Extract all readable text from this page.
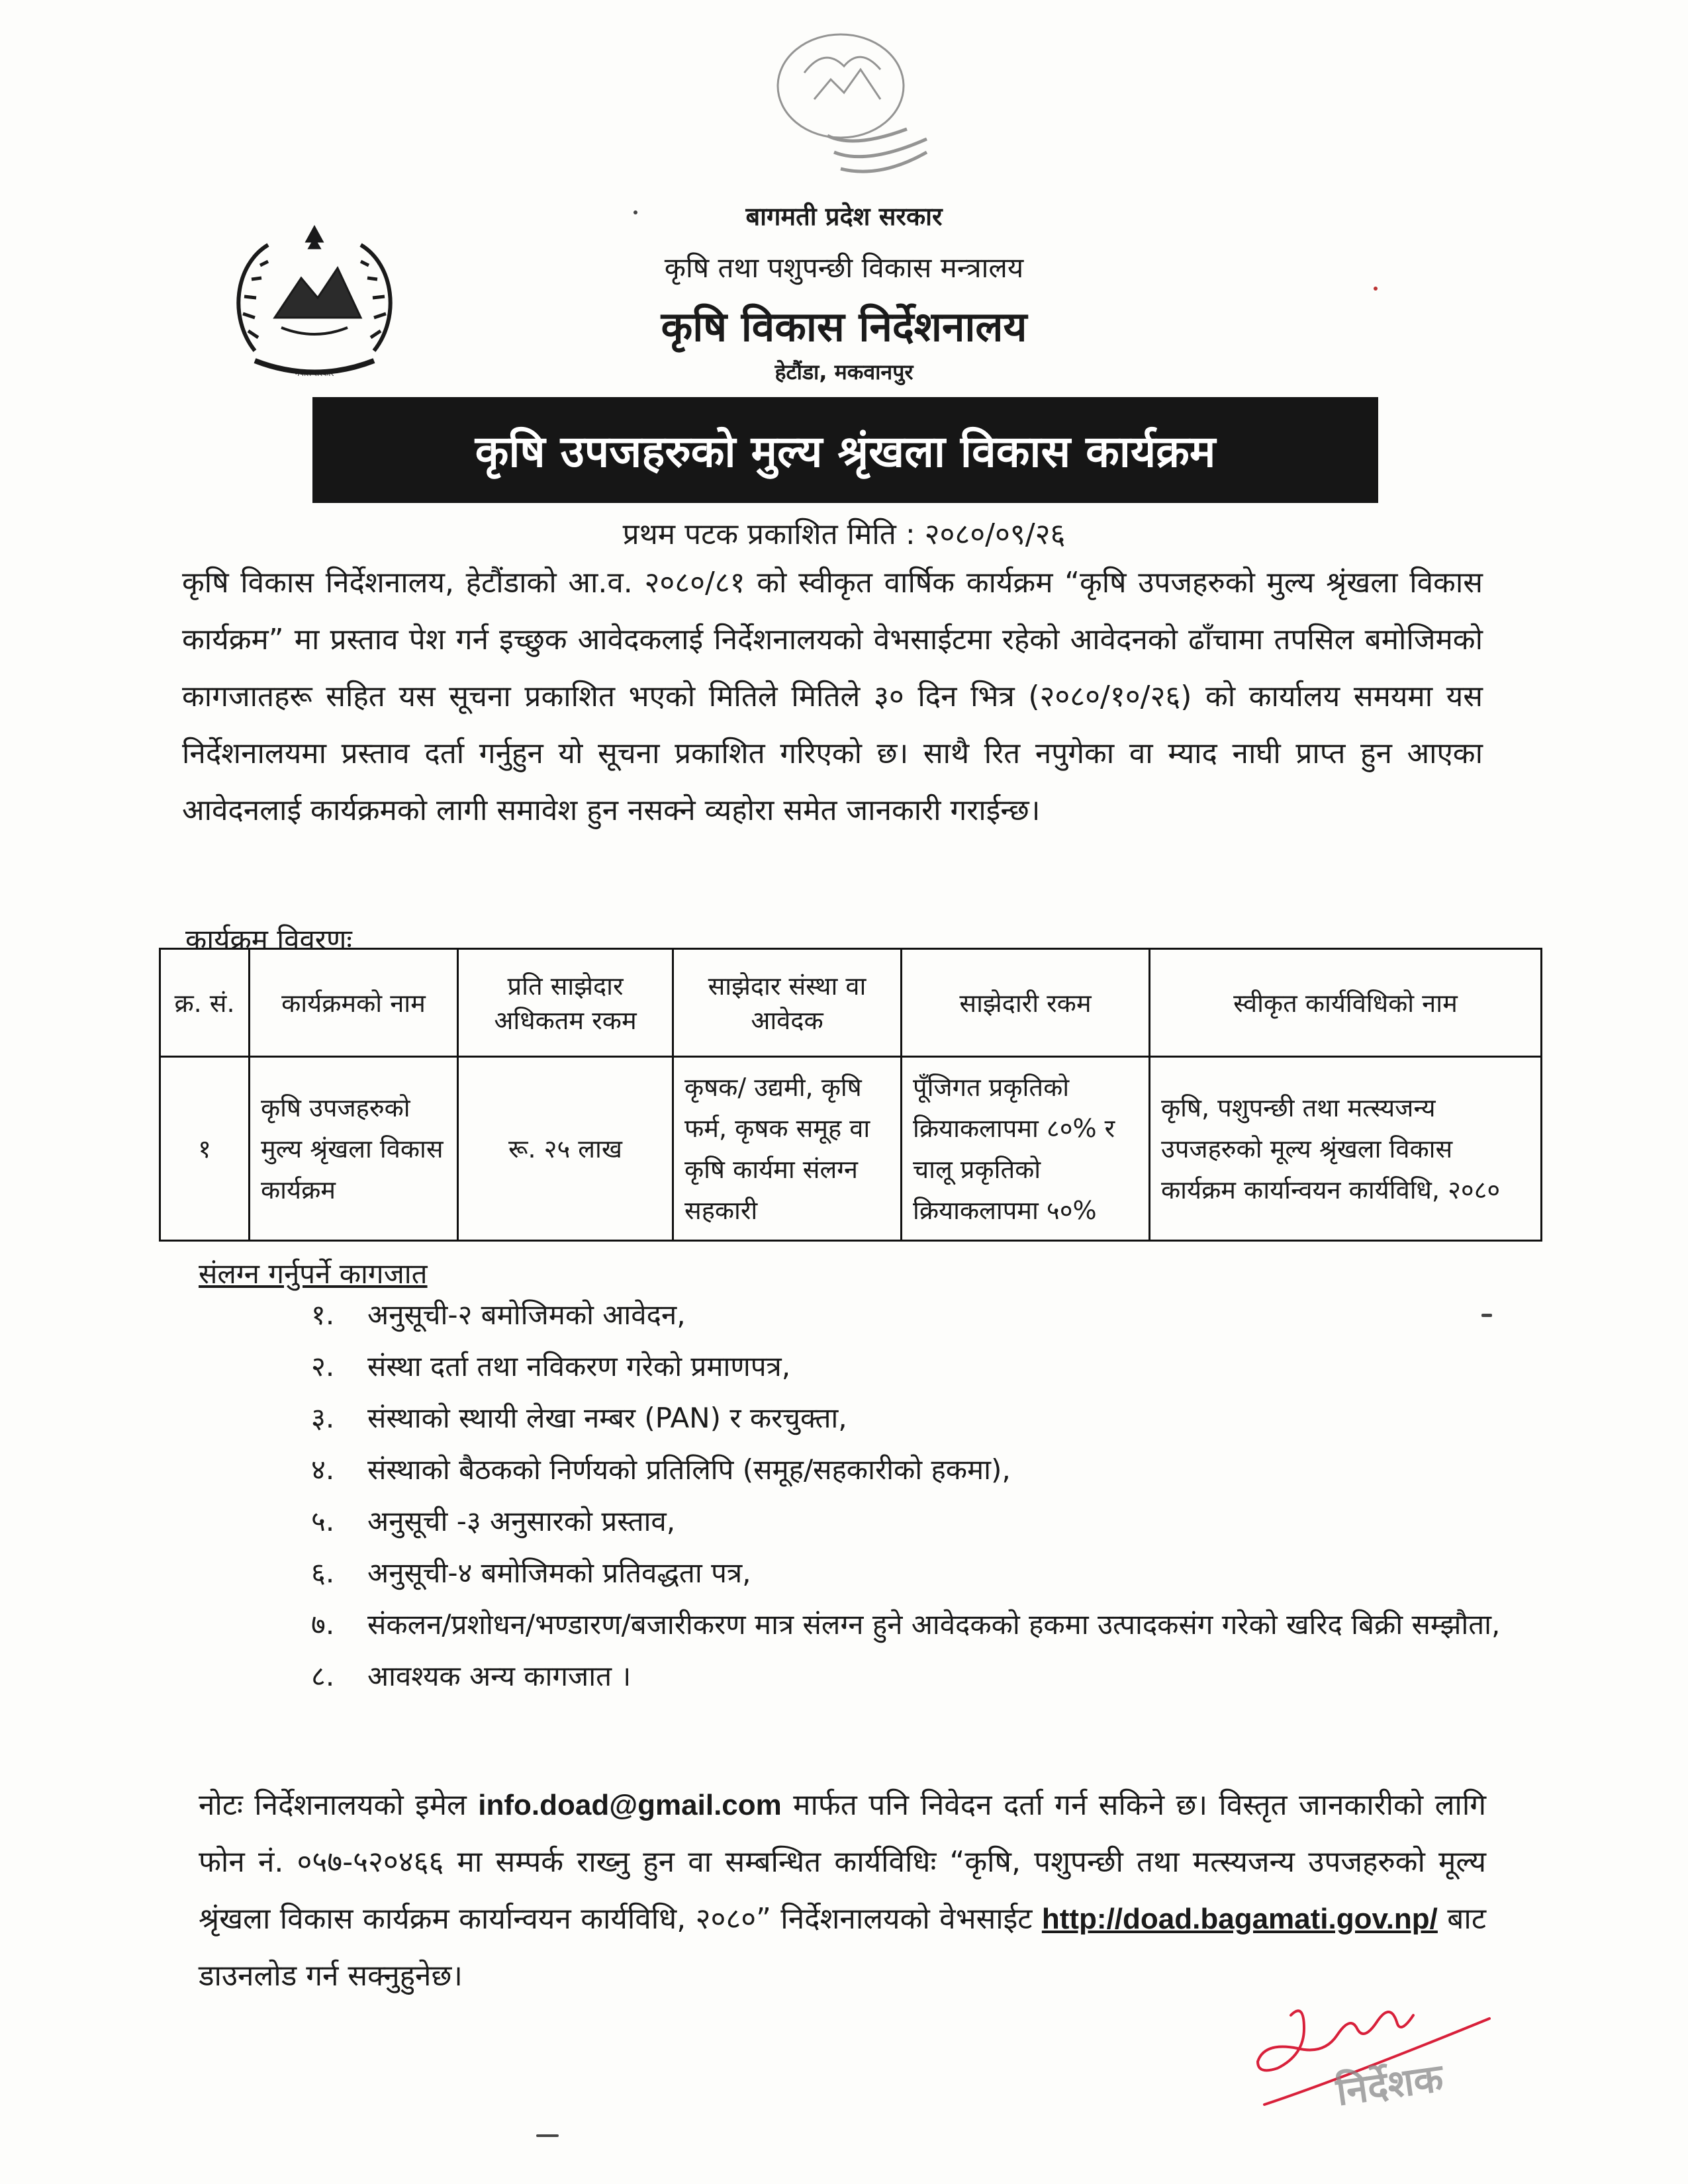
नेपाल सरकार
बागमती प्रदेश सरकार
कृषि तथा पशुपन्छी विकास मन्त्रालय
कृषि विकास निर्देशनालय
हेटौंडा, मकवानपुर
कृषि उपजहरुको मुल्य श्रृंखला विकास कार्यक्रम
प्रथम पटक प्रकाशित मिति : २०८०/०९/२६
कृषि विकास निर्देशनालय, हेटौंडाको आ.व. २०८०/८१ को स्वीकृत वार्षिक कार्यक्रम “कृषि उपजहरुको मुल्य श्रृंखला विकास कार्यक्रम” मा प्रस्ताव पेश गर्न इच्छुक आवेदकलाई निर्देशनालयको वेभसाईटमा रहेको आवेदनको ढाँचामा तपसिल बमोजिमको कागजातहरू सहित यस सूचना प्रकाशित भएको मितिले मितिले ३० दिन भित्र (२०८०/१०/२६) को कार्यालय समयमा यस निर्देशनालयमा प्रस्ताव दर्ता गर्नुहुन यो सूचना प्रकाशित गरिएको छ। साथै रित नपुगेका वा म्याद नाघी प्राप्त हुन आएका आवेदनलाई कार्यक्रमको लागी समावेश हुन नसक्ने व्यहोरा समेत जानकारी गराईन्छ।
कार्यक्रम विवरणः
क्र. सं.	कार्यक्रमको नाम	प्रति साझेदार अधिकतम रकम	साझेदार संस्था वा आवेदक	साझेदारी रकम	स्वीकृत कार्यविधिको नाम
१	कृषि उपजहरुको मुल्य श्रृंखला विकास कार्यक्रम	रू. २५ लाख	कृषक/ उद्यमी, कृषि फर्म, कृषक समूह वा कृषि कार्यमा संलग्न सहकारी	पूँजिगत प्रकृतिको क्रियाकलापमा ८०% र चालू प्रकृतिको क्रियाकलापमा ५०%	कृषि, पशुपन्छी तथा मत्स्यजन्य उपजहरुको मूल्य श्रृंखला विकास कार्यक्रम कार्यान्वयन कार्यविधि, २०८०
संलग्न गर्नुपर्ने कागजात
१.	अनुसूची-२ बमोजिमको आवेदन,
२.	संस्था दर्ता तथा नविकरण गरेको प्रमाणपत्र,
३.	संस्थाको स्थायी लेखा नम्बर (PAN) र करचुक्ता,
४.	संस्थाको बैठकको निर्णयको प्रतिलिपि (समूह/सहकारीको हकमा),
५.	अनुसूची -३ अनुसारको प्रस्ताव,
६.	अनुसूची-४ बमोजिमको प्रतिवद्धता पत्र,
७.	संकलन/प्रशोधन/भण्डारण/बजारीकरण मात्र संलग्न हुने आवेदकको हकमा उत्पादकसंग गरेको खरिद बिक्री सम्झौता,
८.	आवश्यक अन्य कागजात ।
नोटः निर्देशनालयको इमेल info.doad@gmail.com मार्फत पनि निवेदन दर्ता गर्न सकिने छ। विस्तृत जानकारीको लागि फोन नं. ०५७-५२०४६६ मा सम्पर्क राख्नु हुन वा सम्बन्धित कार्यविधिः “कृषि, पशुपन्छी तथा मत्स्यजन्य उपजहरुको मूल्य श्रृंखला विकास कार्यक्रम कार्यान्वयन कार्यविधि, २०८०” निर्देशनालयको वेभसाईट http://doad.bagamati.gov.np/ बाट डाउनलोड गर्न सक्नुहुनेछ।
निर्देशक
